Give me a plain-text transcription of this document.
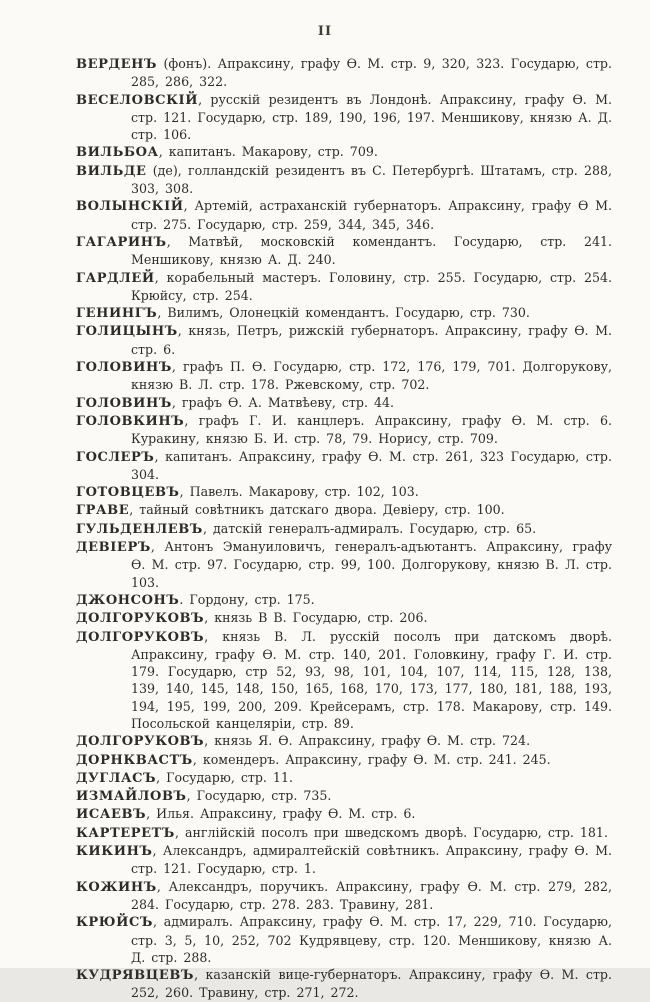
II

ВЕРДЕНЪ (фонъ). Апраксину, графу Ѳ. М. стр. 9, 320, 323. Государю, стр. 285, 286, 322.

ВЕСЕЛОВСКІЙ, русскій резидентъ въ Лондонѣ. Апраксину, графу Ѳ. М. стр. 121. Государю, стр. 189, 190, 196, 197. Меншикову, князю А. Д. стр. 106.

ВИЛЬБОА, капитанъ. Макарову, стр. 709.

ВИЛЬДЕ (де), голландскій резидентъ въ С. Петербургѣ. Штатамъ, стр. 288, 303, 308.

ВОЛЫНСКІЙ, Артемій, астраханскій губернаторъ. Апраксину, графу Ѳ М. стр. 275. Государю, стр. 259, 344, 345, 346.

ГАГАРИНЪ, Матвѣй, московскій комендантъ. Государю, стр. 241. Меншикову, князю А. Д. 240.

ГАРДЛЕЙ, корабельный мастеръ. Головину, стр. 255. Государю, стр. 254. Крюйсу, стр. 254.

ГЕНИНГЪ, Вилимъ, Олонецкій комендантъ. Государю, стр. 730.

ГОЛИЦЫНЪ, князь, Петръ, рижскій губернаторъ. Апраксину, графу Ѳ. М. стр. 6.

ГОЛОВИНЪ, графъ П. Ѳ. Государю, стр. 172, 176, 179, 701. Долгорукову, князю В. Л. стр. 178. Ржевскому, стр. 702.

ГОЛОВИНЪ, графъ Ѳ. А. Матвѣеву, стр. 44.

ГОЛОВКИНЪ, графъ Г. И. канцлеръ. Апраксину, графу Ѳ. М. стр. 6. Куракину, князю Б. И. стр. 78, 79. Норису, стр. 709.

ГОСЛЕРЪ, капитанъ. Апраксину, графу Ѳ. М. стр. 261, 323 Государю, стр. 304.

ГОТОВЦЕВЪ, Павелъ. Макарову, стр. 102, 103.

ГРАВЕ, тайный совѣтникъ датскаго двора. Девіеру, стр. 100.

ГУЛЬДЕНЛЕВЪ, датскій генералъ-адмиралъ. Государю, стр. 65.

ДЕВІЕРЪ, Антонъ Эмануиловичъ, генералъ-адъютантъ. Апраксину, графу Ѳ. М. стр. 97. Государю, стр. 99, 100. Долгорукову, князю В. Л. стр. 103.

ДЖОНСОНЪ. Гордону, стр. 175.

ДОЛГОРУКОВЪ, князь В В. Государю, стр. 206.

ДОЛГОРУКОВЪ, князь В. Л. русскій посолъ при датскомъ дворѣ. Апраксину, графу Ѳ. М. стр. 140, 201. Головкину, графу Г. И. стр. 179. Государю, стр 52, 93, 98, 101, 104, 107, 114, 115, 128, 138, 139, 140, 145, 148, 150, 165, 168, 170, 173, 177, 180, 181, 188, 193, 194, 195, 199, 200, 209. Крейсерамъ, стр. 178. Макарову, стр. 149. Посольской канцеляріи, стр. 89.

ДОЛГОРУКОВЪ, князь Я. Ѳ. Апраксину, графу Ѳ. М. стр. 724.

ДОРНКВАСТЪ, комендеръ. Апраксину, графу Ѳ. М. стр. 241. 245.

ДУГЛАСЪ, Государю, стр. 11.

ИЗМАЙЛОВЪ, Государю, стр. 735.

ИСАЕВЪ, Илья. Апраксину, графу Ѳ. М. стр. 6.

КАРТЕРЕТЪ, англійскій посолъ при шведскомъ дворѣ. Государю, стр. 181.

КИКИНЪ, Александръ, адмиралтейскій совѣтникъ. Апраксину, графу Ѳ. М. стр. 121. Государю, стр. 1.

КОЖИНЪ, Александръ, поручикъ. Апраксину, графу Ѳ. М. стр. 279, 282, 284. Государю, стр. 278. 283. Травину, 281.

КРЮЙСЪ, адмиралъ. Апраксину, графу Ѳ. М. стр. 17, 229, 710. Государю, стр. 3, 5, 10, 252, 702 Кудрявцеву, стр. 120. Меншикову, князю А. Д. стр. 288.

КУДРЯВЦЕВЪ, казанскій вице-губернаторъ. Апраксину, графу Ѳ. М. стр. 252, 260. Травину, стр. 271, 272.
